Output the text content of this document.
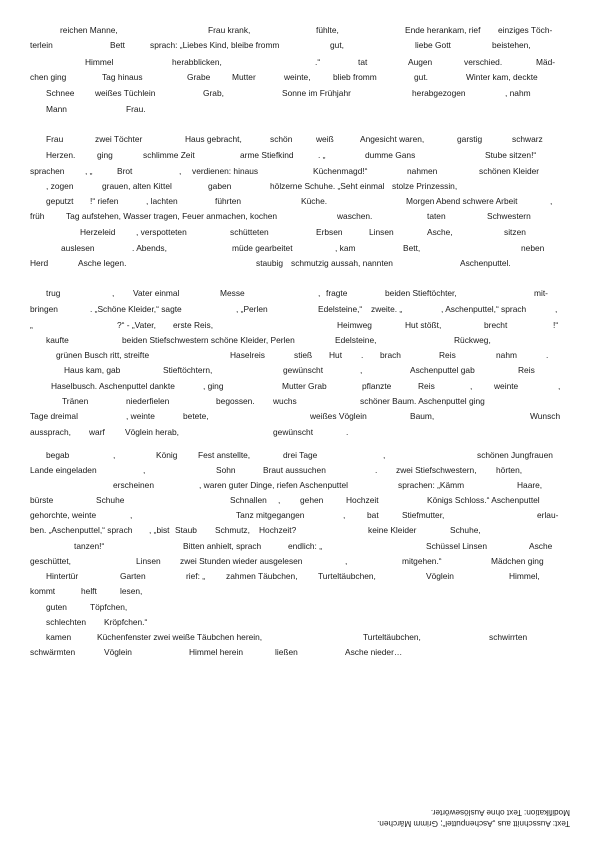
reichen Manne,	Frau krank,	fühlte,	Ende herankam, rief einziges Töch-
terlein	Bett	sprach: „Liebes Kind, bleibe fromm	gut,	liebe Gott	beistehen,
Himmel	herabblicken,	.“	tat	Augen	verschied.	Mäd-
chen ging	Tag hinaus	Grabe	Mutter	weinte,	blieb fromm	gut.	Winter kam, deckte
Schnee weißes Tüchlein	Grab,	Sonne im Frühjahr	herabgezogen	, nahm
Mann	Frau.
Frau	zwei Töchter	Haus gebracht,	schön	weiß	Angesicht waren,	garstig	schwarz
Herzen.	ging	schlimme Zeit	arme Stiefkind	. „	dumme Gans	Stube sitzen!“
sprachen , „	Brot	, verdienen: hinaus	Küchenmagd!“	nahmen	schönen Kleider
, zogen	grauen, alten Kittel	gaben	hölzerne Schuhe. „Seht einmal stolze Prinzessin,
geputzt !“ riefen	, lachten	führten	Küche.	Morgen Abend schwere Arbeit	,
früh	Tag aufstehen, Wasser tragen, Feuer anmachen, kochen	waschen.	taten	Schwestern
Herzeleid , verspotteten	schütteten	Erbsen	Linsen	Asche,	sitzen
auslesen	. Abends,	müde gearbeitet	, kam	Bett,	neben
Herd	Asche legen.	staubig schmutzig aussah, nannten	Aschenputtel.
trug	, Vater einmal	Messe	, fragte	beiden Stieftöchter,	mit-
bringen	. „Schöne Kleider,“ sagte	, „Perlen	Edelsteine,“ zweite. „	, Aschenputtel,“ sprach	,
„	?“ - „Vater, erste Reis,	Heimweg	Hut stößt,	brecht	!“
kaufte	beiden Stiefschwestern schöne Kleider, Perlen	Edelsteine,	Rückweg,
grünen Busch ritt, streifte	Haselreis	stieß Hut . brach	Reis	nahm	.
Haus kam, gab	Stieftöchtern,	gewünscht	,	Aschenputtel gab	Reis
Haselbusch. Aschenputtel dankte	, ging	Mutter Grab	pflanzte	Reis	,	weinte	,
Tränen	niederfielen	begossen. wuchs	schöner Baum. Aschenputtel ging
Tage dreimal	, weinte	betete,	weißes Vöglein	Baum,	Wunsch
aussprach, warf Vöglein herab,	gewünscht	.
begab	,	König Fest anstellte,	drei Tage	,	schönen Jungfrauen
Lande eingeladen	,	Sohn	Braut aussuchen	. zwei Stiefschwestern, hörten,
erscheinen	, waren guter Dinge, riefen Aschenputtel	sprachen: „Kämm	Haare,
bürste	Schuhe	Schnallen , gehen	Hochzeit	Königs Schloss.“ Aschenputtel
gehorchte, weinte	,	Tanz mitgegangen	,	bat	Stiefmutter,	erlau-
ben. „Aschenputtel,“ sprach , „bist Staub Schmutz, Hochzeit?	keine Kleider	Schuhe,
tanzen!“	Bitten anhielt, sprach	endlich: „	Schüssel Linsen	Asche
geschüttet,	Linsen zwei Stunden wieder ausgelesen	,	mitgehen.“	Mädchen ging
Hintertür	Garten	rief: „ zahmen Täubchen, Turteltäubchen,	Vöglein	Himmel,
kommt	helft	lesen,
guten	Töpfchen,
schlechten Kröpfchen.“
kamen	Küchenfenster zwei weiße Täubchen herein,	Turteltäubchen,	schwirrten
schwärmten	Vöglein	Himmel herein	ließen	Asche nieder…
Text: Ausschnitt aus „Aschenputtel“; Grimm Märchen.
Modifikation: Text ohne Auslösewörter.
